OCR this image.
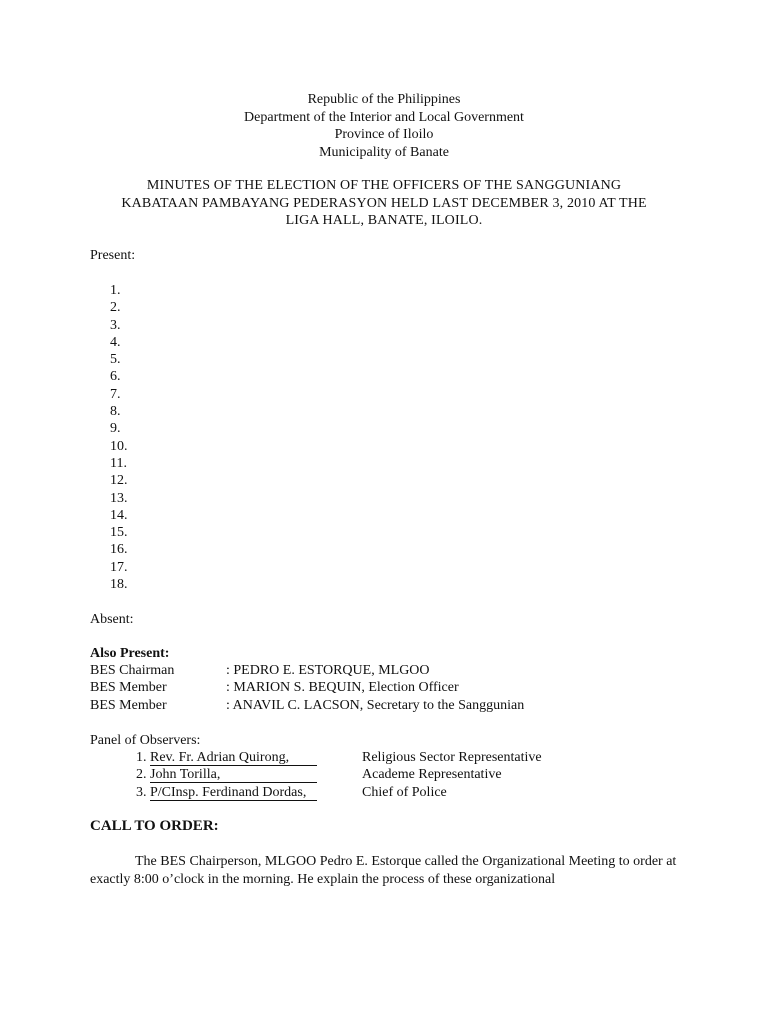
Republic of the Philippines
Department of the Interior and Local Government
Province of Iloilo
Municipality of Banate
MINUTES OF THE ELECTION OF THE OFFICERS OF THE SANGGUNIANG
KABATAAN PAMBAYANG PEDERASYON HELD LAST DECEMBER 3, 2010 AT THE
LIGA HALL, BANATE, ILOILO.
Present:
1.
2.
3.
4.
5.
6.
7.
8.
9.
10.
11.
12.
13.
14.
15.
16.
17.
18.
Absent:
Also Present:
BES Chairman	: PEDRO E. ESTORQUE, MLGOO
BES Member	: MARION S. BEQUIN, Election Officer
BES Member	: ANAVIL C. LACSON, Secretary to the Sanggunian
Panel of Observers:
1. Rev. Fr. Adrian Quirong,	Religious Sector Representative
2. John Torilla,	Academe Representative
3. P/CInsp. Ferdinand Dordas,	Chief of Police
CALL TO ORDER:
The BES Chairperson, MLGOO Pedro E. Estorque called the Organizational Meeting to order at exactly 8:00 o’clock in the morning. He explain the process of these organizational
